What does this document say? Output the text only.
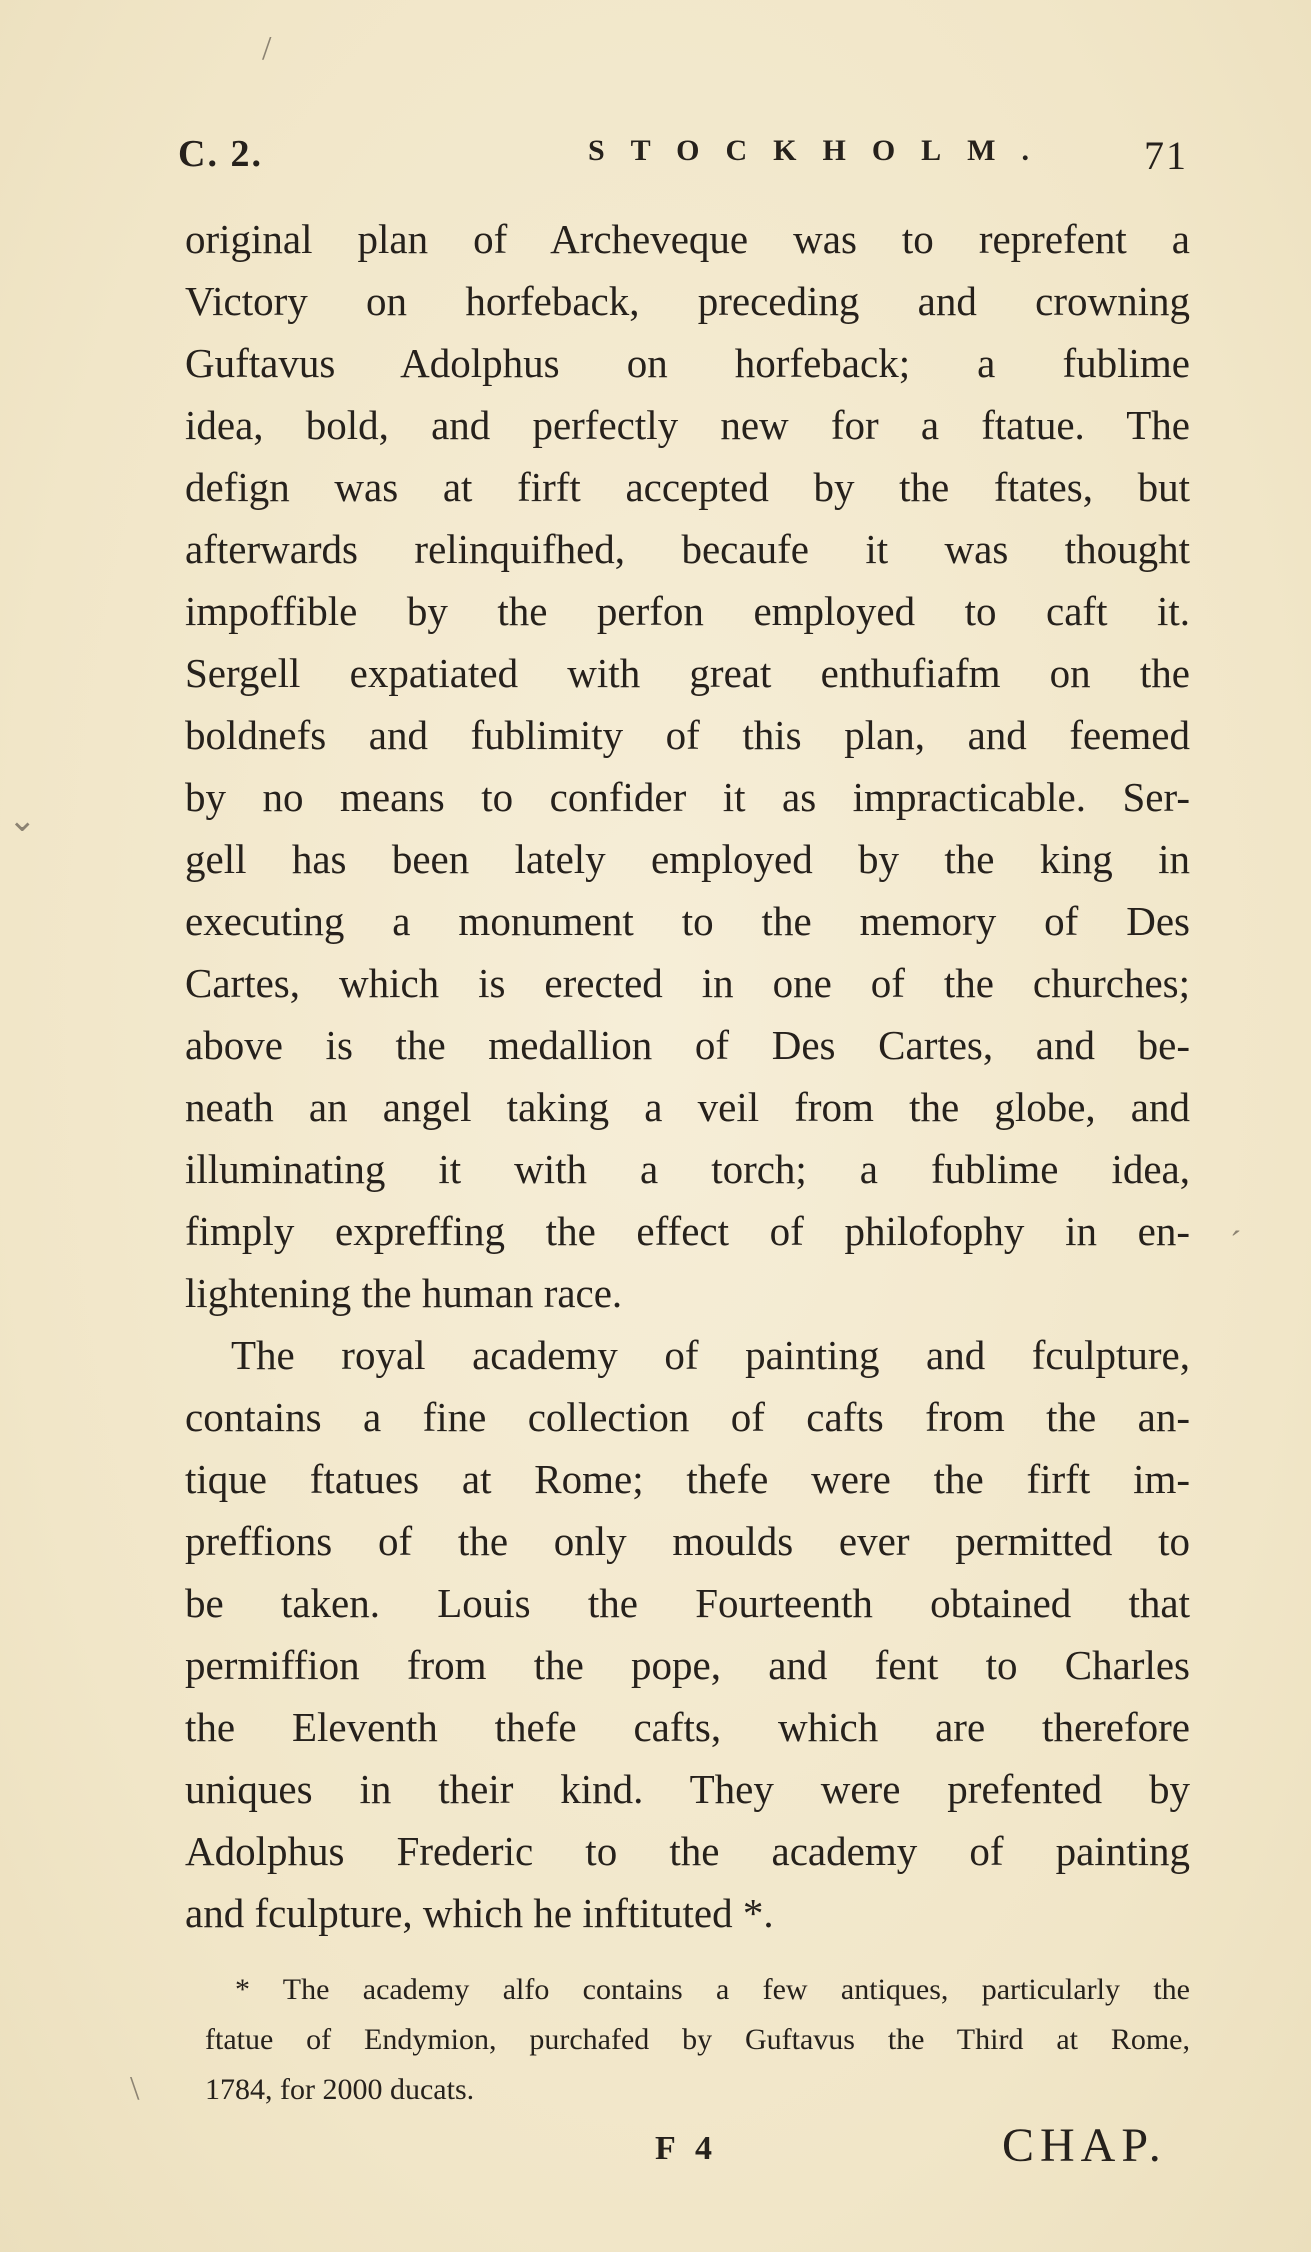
C. 2.	STOCKHOLM. 71
original plan of Archeveque was to reprefent a
Victory on horfeback, preceding and crowning
Guftavus Adolphus on horfeback; a fublime
idea, bold, and perfectly new for a ftatue. The
defign was at firft accepted by the ftates, but
afterwards relinquifhed, becaufe it was thought
impoffible by the perfon employed to caft it.
Sergell expatiated with great enthufiafm on the
boldnefs and fublimity of this plan, and feemed
by no means to confider it as impracticable. Ser-
gell has been lately employed by the king in
executing a monument to the memory of Des
Cartes, which is erected in one of the churches;
above is the medallion of Des Cartes, and be-
neath an angel taking a veil from the globe, and
illuminating it with a torch; a fublime idea,
fimply expreffing the effect of philofophy in en-
lightening the human race.
The royal academy of painting and fculpture,
contains a fine collection of cafts from the an-
tique ftatues at Rome; thefe were the firft im-
preffions of the only moulds ever permitted to
be taken. Louis the Fourteenth obtained that
permiffion from the pope, and fent to Charles
the Eleventh thefe cafts, which are therefore
uniques in their kind. They were prefented by
Adolphus Frederic to the academy of painting
and fculpture, which he inftituted *.
* The academy alfo contains a few antiques, particularly the
ftatue of Endymion, purchafed by Guftavus the Third at Rome,
1784, for 2000 ducats.
F 4	CHAP.
/
⌄
´
\
